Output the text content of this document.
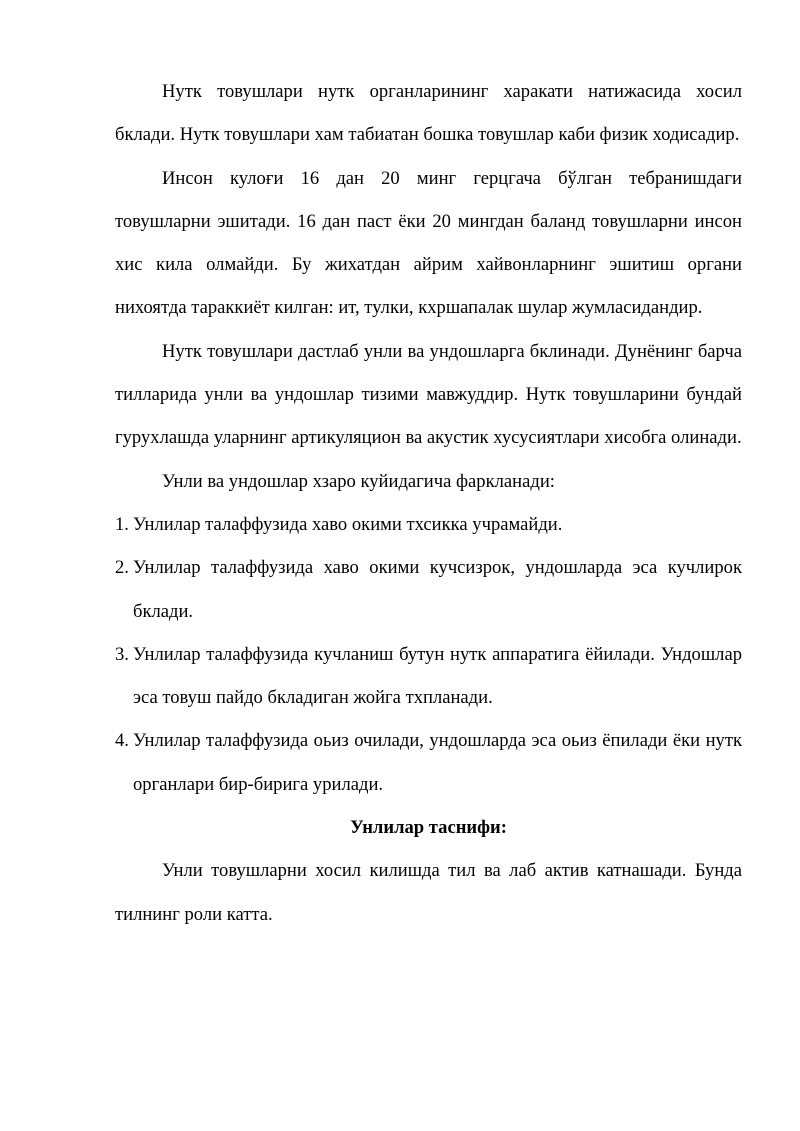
Нутк товушлари нутк органларининг харакати натижасида хосил бклади. Нутк товушлари хам табиатан бошка товушлар каби физик ходисадир.

Инсон кулоғи 16 дан 20 минг герцгача бўлган тебранишдаги товушларни эшитади. 16 дан паст ёки 20 мингдан баланд товушларни инсон хис кила олмайди. Бу жихатдан айрим хайвонларнинг эшитиш органи нихоятда тараккиёт килган: ит, тулки, кхршапалак шулар жумласидандир.

Нутк товушлари дастлаб унли ва ундошларга бклинади. Дунёнинг барча тилларида унли ва ундошлар тизими мавжуддир. Нутк товушларини бундай гурухлашда уларнинг артикуляцион ва акустик хусусиятлари хисобга олинади.

Унли ва ундошлар хзаро куйидагича фаркланади:

1. Унлилар талаффузида хаво окими тхсикка учрамайди.
2. Унлилар талаффузида хаво окими кучсизрок, ундошларда эса кучлирок бклади.
3. Унлилар талаффузида кучланиш бутун нутк аппаратига ёйилади. Ундошлар эса товуш пайдо бкладиган жойга тхпланади.
4. Унлилар талаффузида оьиз очилади, ундошларда эса оьиз ёпилади ёки нутк органлари бир-бирига урилади.

Унлилар таснифи:

Унли товушларни хосил килишда тил ва лаб актив катнашади. Бунда тилнинг роли катта.
